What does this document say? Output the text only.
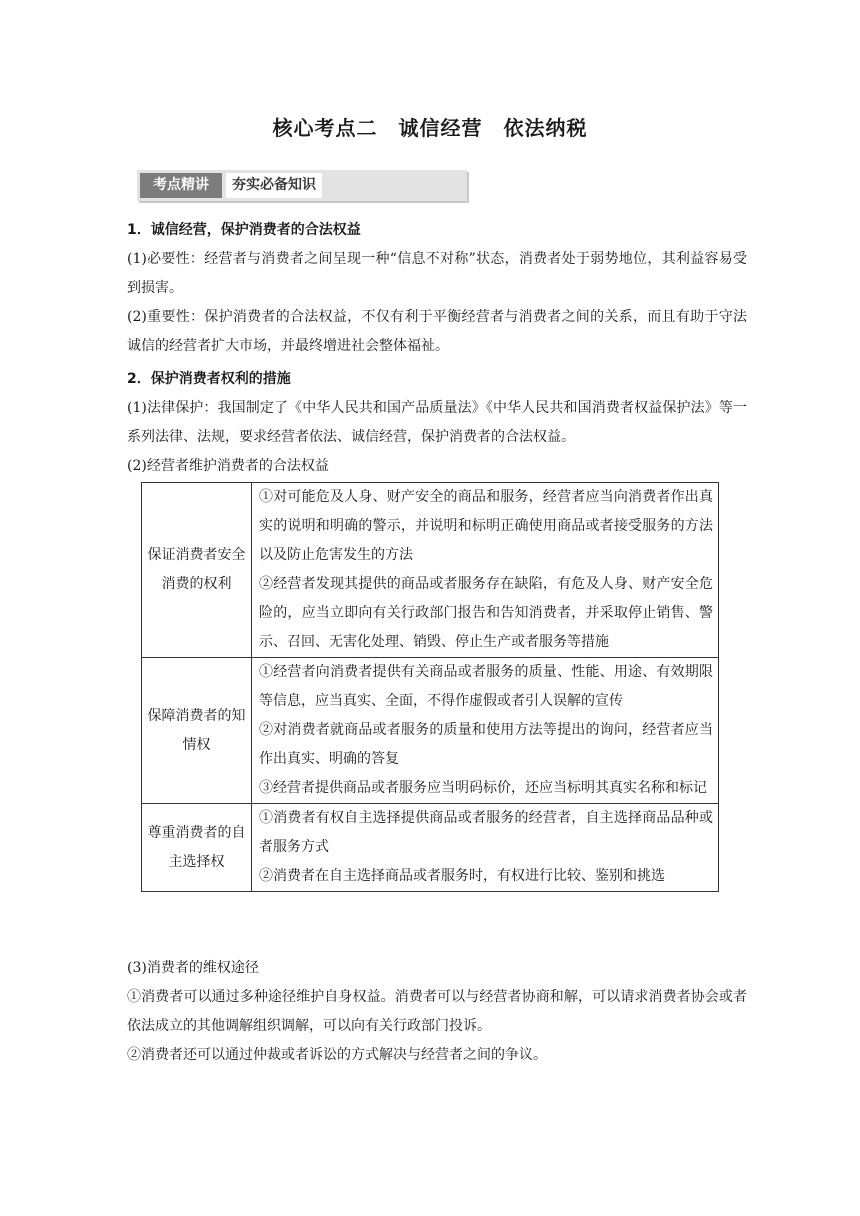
核心考点二　诚信经营　依法纳税
考点精讲	夯实必备知识
1．诚信经营，保护消费者的合法权益
(1)必要性：经营者与消费者之间呈现一种“信息不对称”状态，消费者处于弱势地位，其利益容易受到损害。
(2)重要性：保护消费者的合法权益，不仅有利于平衡经营者与消费者之间的关系，而且有助于守法诚信的经营者扩大市场，并最终增进社会整体福祉。
2．保护消费者权利的措施
(1)法律保护：我国制定了《中华人民共和国产品质量法》《中华人民共和国消费者权益保护法》等一系列法律、法规，要求经营者依法、诚信经营，保护消费者的合法权益。
(2)经营者维护消费者的合法权益
保证消费者安全消费的权利	①对可能危及人身、财产安全的商品和服务，经营者应当向消费者作出真实的说明和明确的警示，并说明和标明正确使用商品或者接受服务的方法以及防止危害发生的方法

②经营者发现其提供的商品或者服务存在缺陷，有危及人身、财产安全危险的，应当立即向有关行政部门报告和告知消费者，并采取停止销售、警示、召回、无害化处理、销毁、停止生产或者服务等措施

保障消费者的知情权	①经营者向消费者提供有关商品或者服务的质量、性能、用途、有效期限等信息，应当真实、全面，不得作虚假或者引人误解的宣传

②对消费者就商品或者服务的质量和使用方法等提出的询问，经营者应当作出真实、明确的答复

③经营者提供商品或者服务应当明码标价，还应当标明其真实名称和标记

尊重消费者的自主选择权	①消费者有权自主选择提供商品或者服务的经营者，自主选择商品品种或者服务方式

②消费者在自主选择商品或者服务时，有权进行比较、鉴别和挑选

(3)消费者的维权途径
①消费者可以通过多种途径维护自身权益。消费者可以与经营者协商和解，可以请求消费者协会或者依法成立的其他调解组织调解，可以向有关行政部门投诉。
②消费者还可以通过仲裁或者诉讼的方式解决与经营者之间的争议。
